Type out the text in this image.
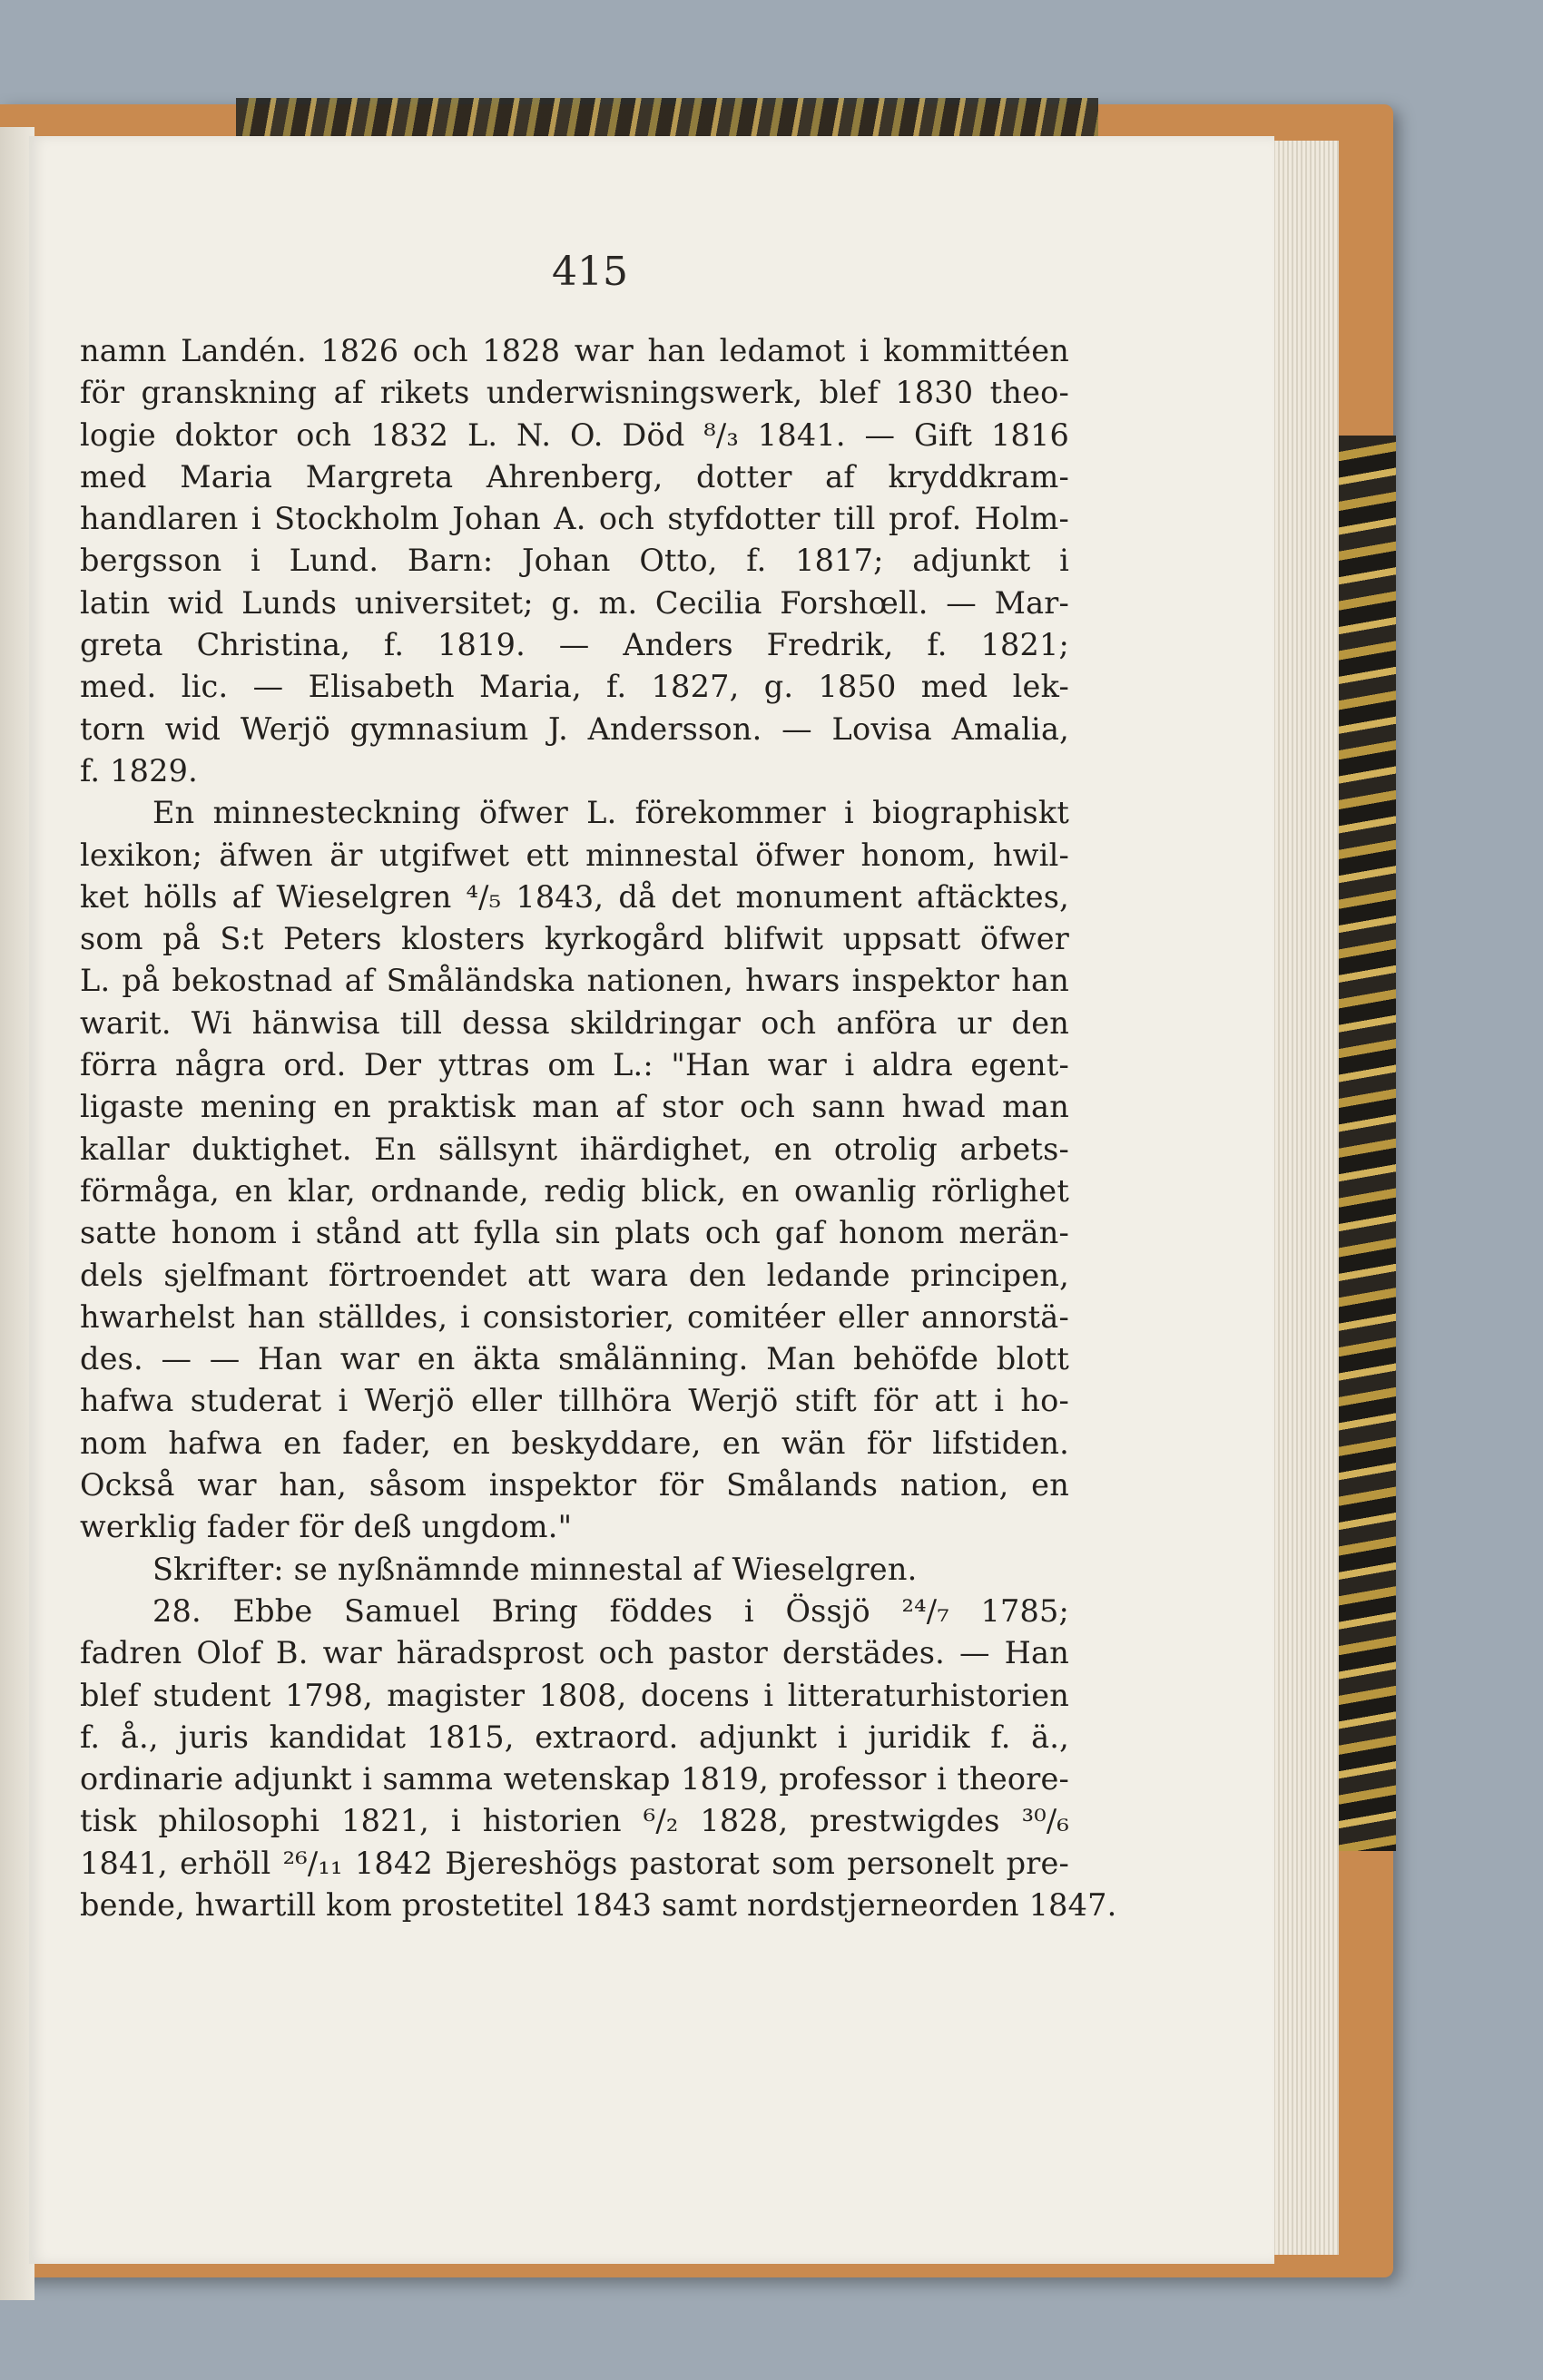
415
namn Landén. 1826 och 1828 war han ledamot i kommittéen
för granskning af rikets underwisningswerk, blef 1830 theo-
logie doktor och 1832 L. N. O. Död ⁸/₃ 1841. — Gift 1816
med Maria Margreta Ahrenberg, dotter af kryddkram-
handlaren i Stockholm Johan A. och styfdotter till prof. Holm-
bergsson i Lund. Barn: Johan Otto, f. 1817; adjunkt i
latin wid Lunds universitet; g. m. Cecilia Forshœll. — Mar-
greta Christina, f. 1819. — Anders Fredrik, f. 1821;
med. lic. — Elisabeth Maria, f. 1827, g. 1850 med lek-
torn wid Werjö gymnasium J. Andersson. — Lovisa Amalia,
f. 1829.
En minnesteckning öfwer L. förekommer i biographiskt
lexikon; äfwen är utgifwet ett minnestal öfwer honom, hwil-
ket hölls af Wieselgren ⁴/₅ 1843, då det monument aftäcktes,
som på S:t Peters klosters kyrkogård blifwit uppsatt öfwer
L. på bekostnad af Småländska nationen, hwars inspektor han
warit. Wi hänwisa till dessa skildringar och anföra ur den
förra några ord. Der yttras om L.: "Han war i aldra egent-
ligaste mening en praktisk man af stor och sann hwad man
kallar duktighet. En sällsynt ihärdighet, en otrolig arbets-
förmåga, en klar, ordnande, redig blick, en owanlig rörlighet
satte honom i stånd att fylla sin plats och gaf honom merän-
dels sjelfmant förtroendet att wara den ledande principen,
hwarhelst han ställdes, i consistorier, comitéer eller annorstä-
des. — — Han war en äkta smålänning. Man behöfde blott
hafwa studerat i Werjö eller tillhöra Werjö stift för att i ho-
nom hafwa en fader, en beskyddare, en wän för lifstiden.
Också war han, såsom inspektor för Smålands nation, en
werklig fader för deß ungdom."
Skrifter: se nyßnämnde minnestal af Wieselgren.
28. Ebbe Samuel Bring föddes i Össjö ²⁴/₇ 1785;
fadren Olof B. war häradsprost och pastor derstädes. — Han
blef student 1798, magister 1808, docens i litteraturhistorien
f. å., juris kandidat 1815, extraord. adjunkt i juridik f. ä.,
ordinarie adjunkt i samma wetenskap 1819, professor i theore-
tisk philosophi 1821, i historien ⁶/₂ 1828, prestwigdes ³⁰/₆
1841, erhöll ²⁶/₁₁ 1842 Bjereshögs pastorat som personelt pre-
bende, hwartill kom prostetitel 1843 samt nordstjerneorden 1847.
